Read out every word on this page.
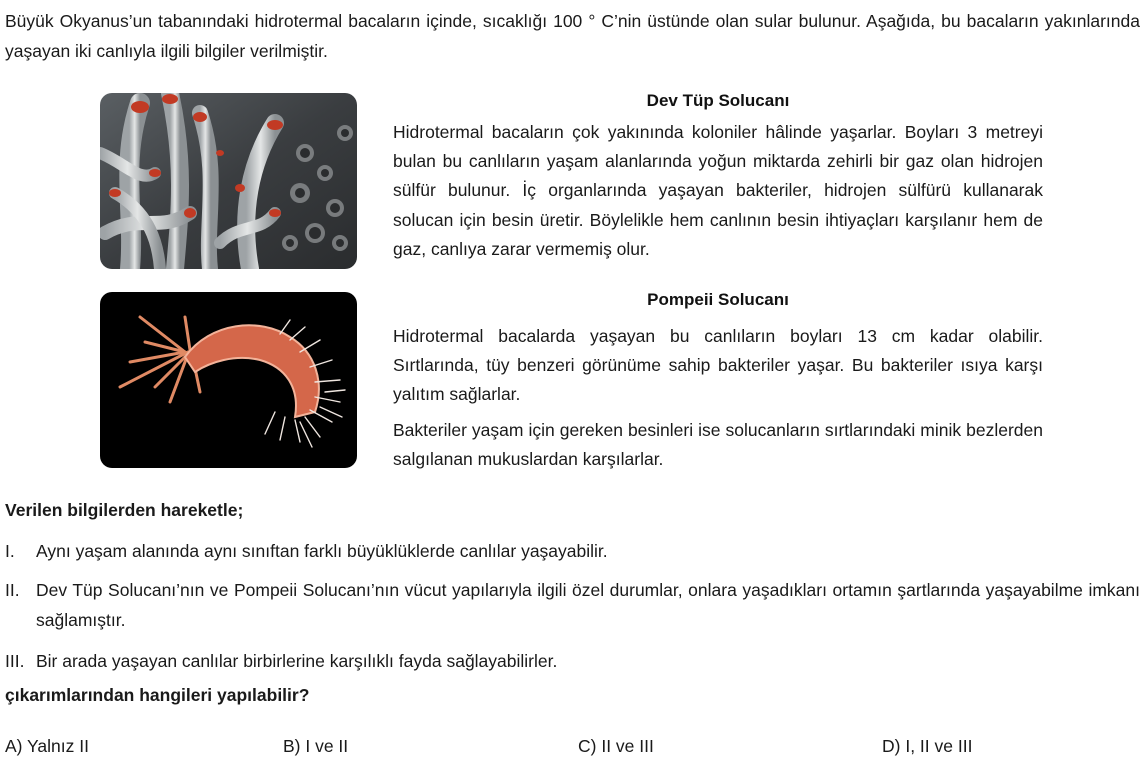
Büyük Okyanus’un tabanındaki hidrotermal bacaların içinde, sıcaklığı 100 ° C’nin üstünde olan sular bulunur. Aşağıda, bu bacaların yakınlarında yaşayan iki canlıyla ilgili bilgiler verilmiştir.
Dev Tüp Solucanı

Hidrotermal bacaların çok yakınında koloniler hâlinde yaşarlar. Boyları 3 metreyi bulan bu canlıların yaşam alanlarında yoğun miktarda zehirli bir gaz olan hidrojen sülfür bulunur. İç organlarında yaşayan bakteriler, hidrojen sülfürü kullanarak solucan için besin üretir. Böylelikle hem canlının besin ihtiyaçları karşılanır hem de gaz, canlıya zarar vermemiş olur.

Pompeii Solucanı

Hidrotermal bacalarda yaşayan bu canlıların boyları 13 cm kadar olabilir. Sırtlarında, tüy benzeri görünüme sahip bakteriler yaşar. Bu bakteriler ısıya karşı yalıtım sağlarlar.

Bakteriler yaşam için gereken besinleri ise solucanların sırtlarındaki minik bezlerden salgılanan mukuslardan karşılarlar.

Verilen bilgilerden hareketle;
I. Aynı yaşam alanında aynı sınıftan farklı büyüklüklerde canlılar yaşayabilir.
II. Dev Tüp Solucanı’nın ve Pompeii Solucanı’nın vücut yapılarıyla ilgili özel durumlar, onlara yaşadıkları ortamın şartlarında yaşayabilme imkanı sağlamıştır.
III. Bir arada yaşayan canlılar birbirlerine karşılıklı fayda sağlayabilirler.
çıkarımlarından hangileri yapılabilir?
A) Yalnız II	B) I ve II	C) II ve III	D) I, II ve III
